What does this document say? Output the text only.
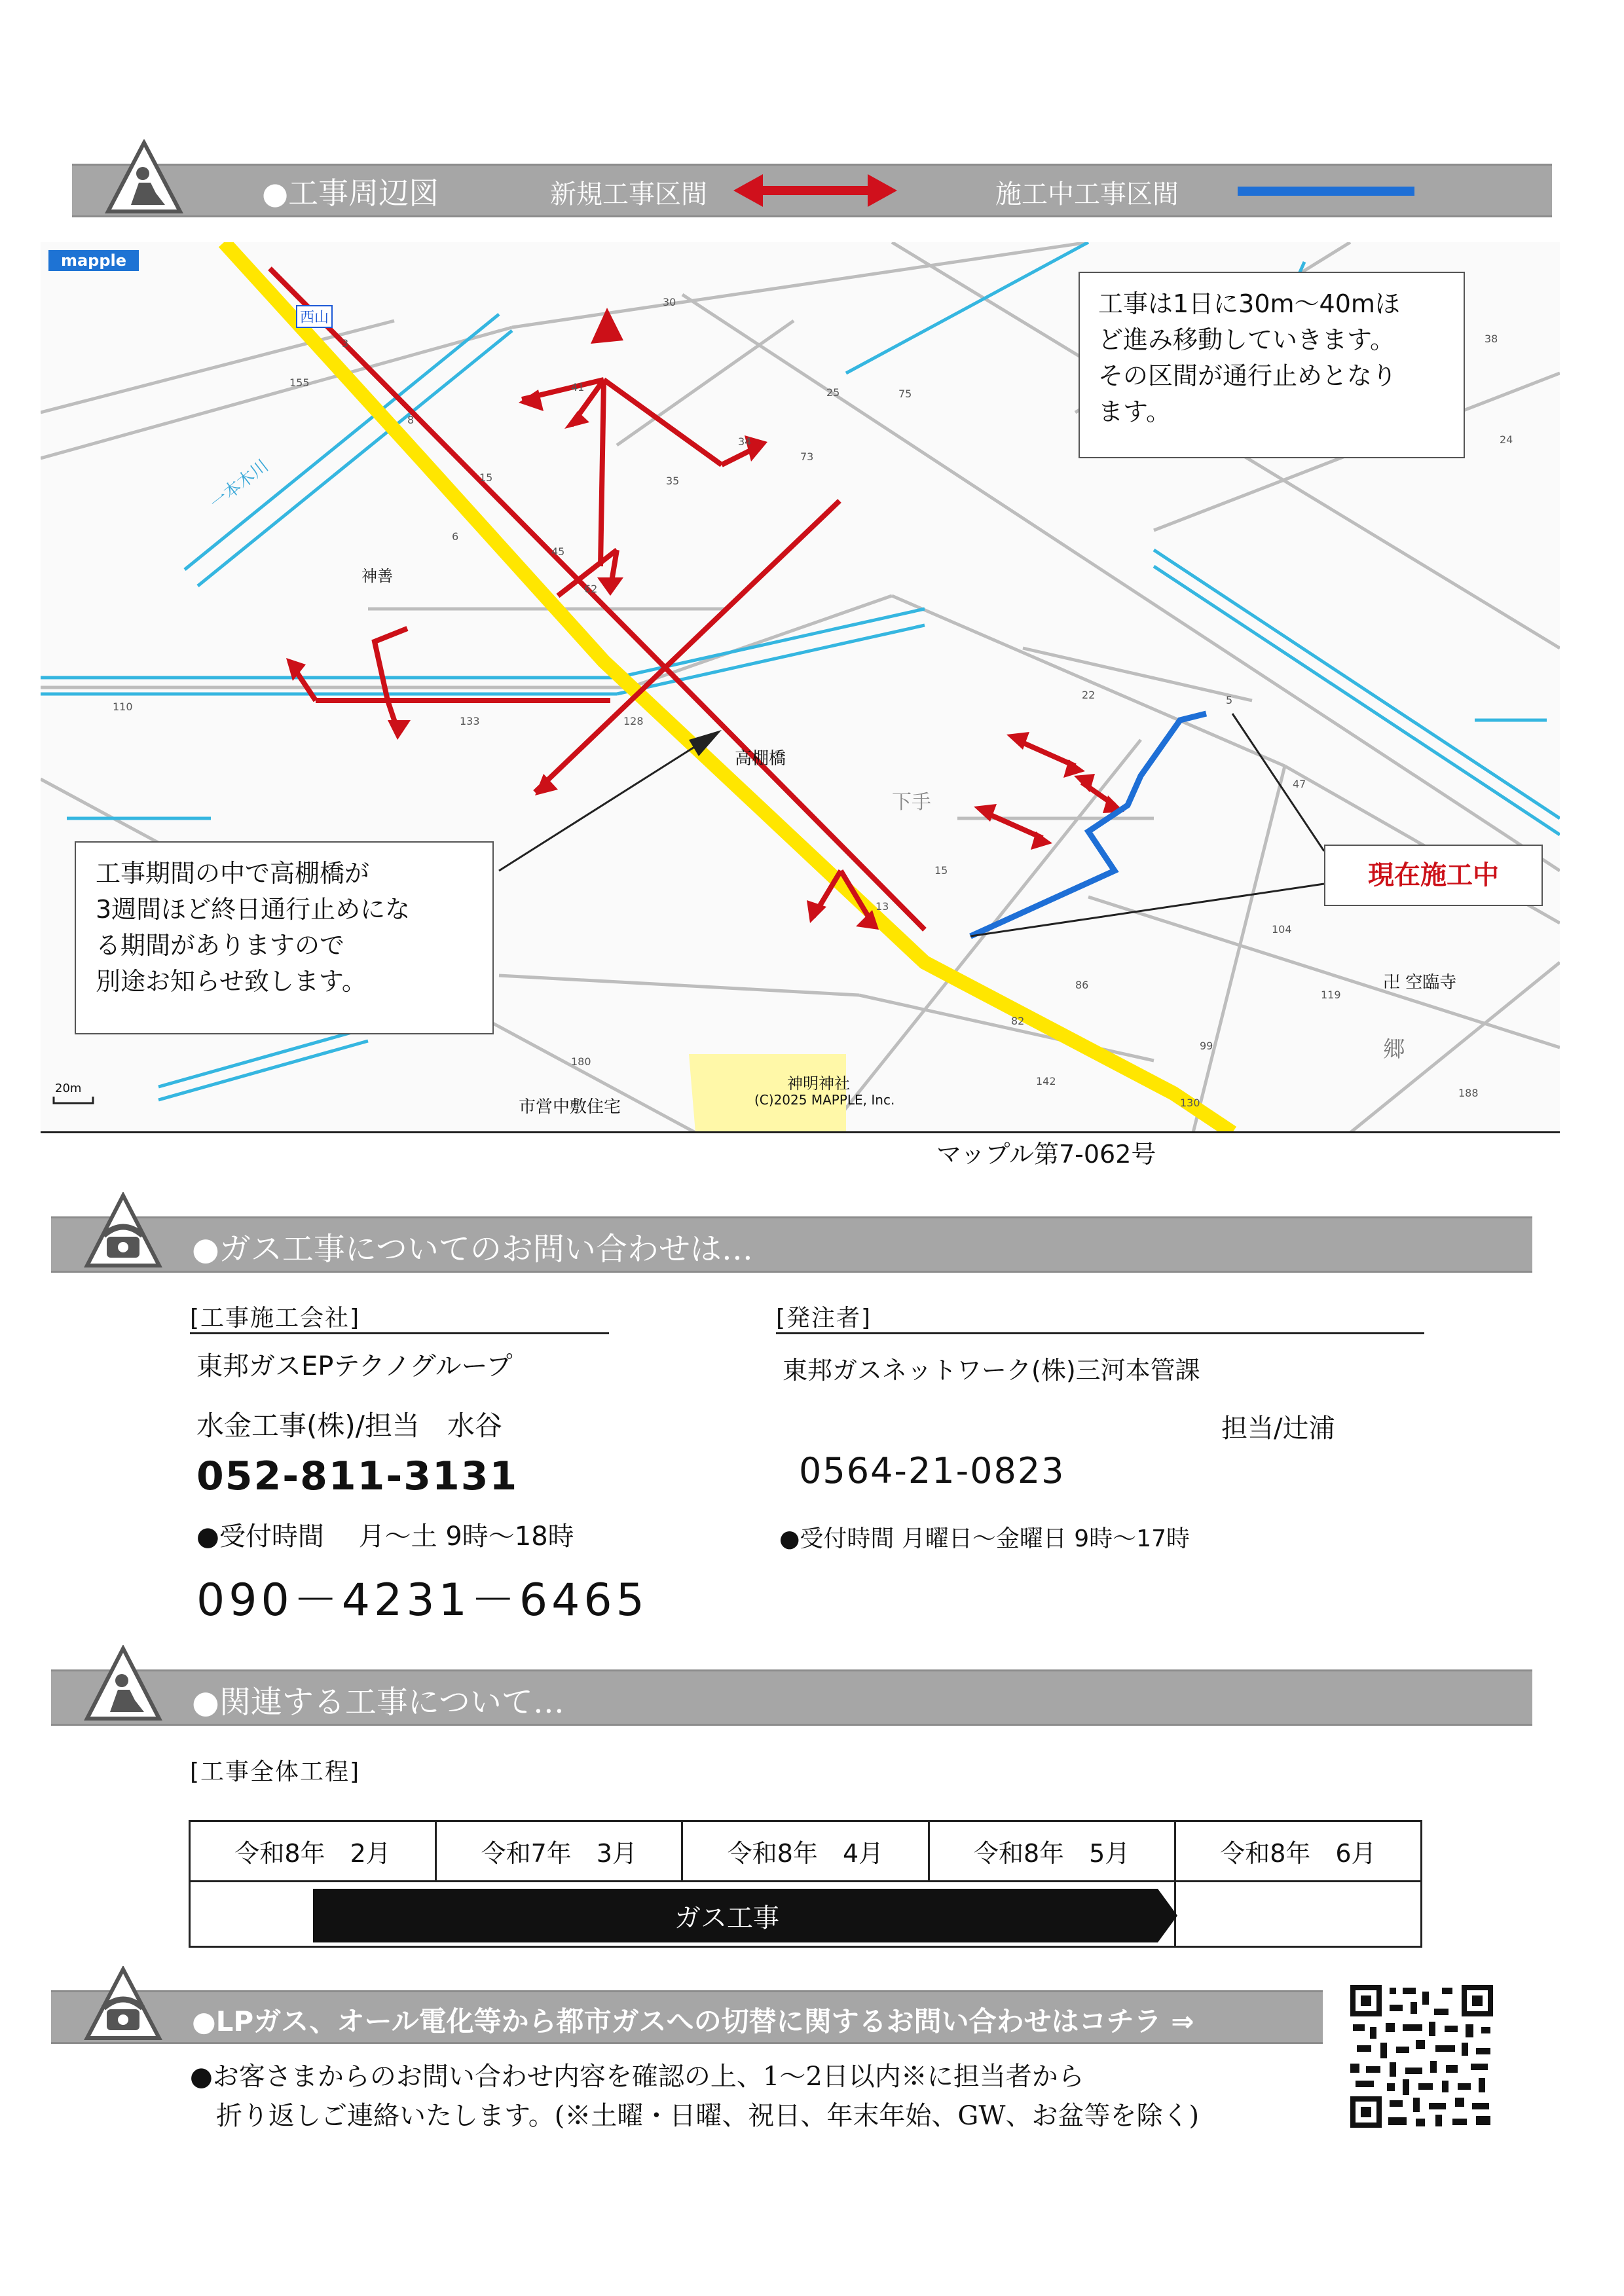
●工事周辺図	新規工事区間	施工中工事区間
mapple
西山
神善
一本木川
高棚橋
下手
卍 空臨寺
郷
神明神社
市営中敷住宅	(C)2025 MAPPLE, Inc.
20m
30
3
155	41	25	75
8
34
73
15	35
6
45
62
110
133	128
22	5
47
13
15
104
86
119
82
99
142
130
180
188
38
24
工事は1日に30m～40mほ
ど進み移動していきます。
その区間が通行止めとなり
ます。
工事期間の中で高棚橋が
3週間ほど終日通行止めにな
る期間がありますので
別途お知らせ致します。
現在施工中
マップル第7-062号
●ガス工事についてのお問い合わせは…
[工事施工会社]
東邦ガスEPテクノグループ
水金工事(株)/担当　水谷
052-811-3131
●受付時間　 月～土 9時～18時
090－4231－6465
[発注者]
東邦ガスネットワーク(株)三河本管課
担当/辻浦
0564-21-0823
●受付時間 月曜日～金曜日 9時～17時
●関連する工事について…
[工事全体工程]
令和8年　2月	令和7年　3月	令和8年　4月	令和8年　5月	令和8年　6月

ガス工事
●LPガス、オール電化等から都市ガスへの切替に関するお問い合わせはコチラ ⇒
●お客さまからのお問い合わせ内容を確認の上、1～2日以内※に担当者から
折り返しご連絡いたします。(※土曜・日曜、祝日、年末年始、GW、お盆等を除く)
